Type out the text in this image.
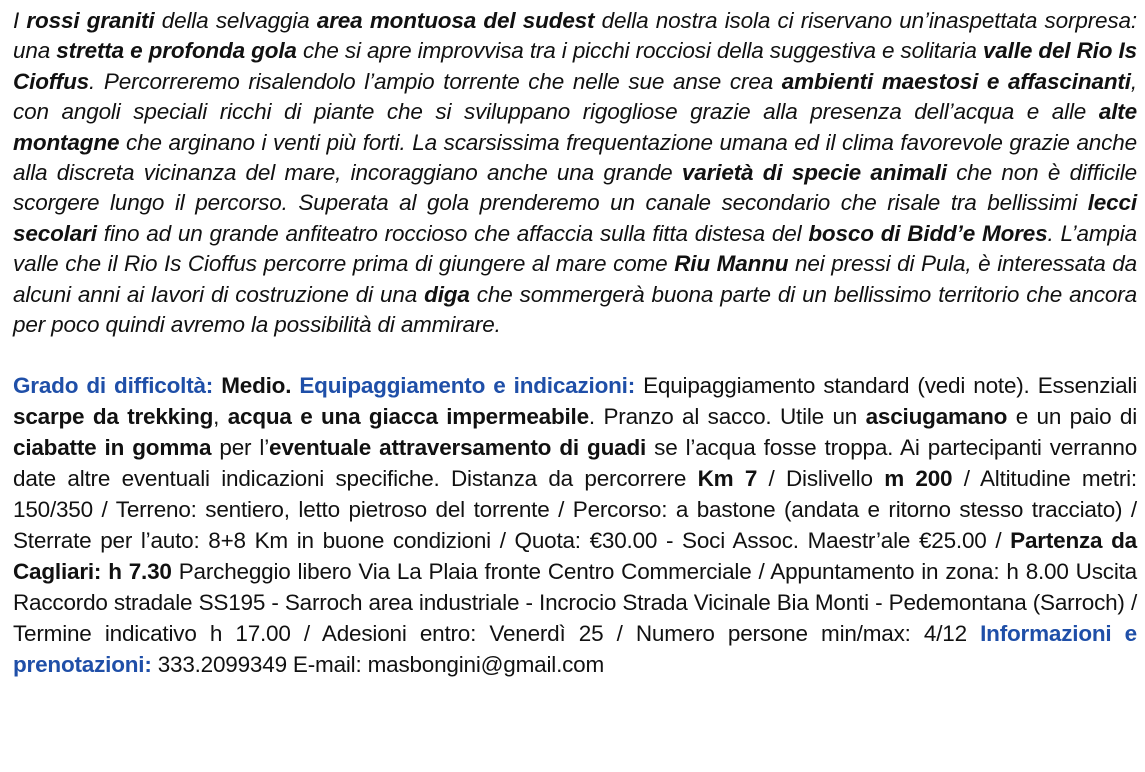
I rossi graniti della selvaggia area montuosa del sudest della nostra isola ci riservano un’inaspettata sorpresa: una stretta e profonda gola che si apre improvvisa tra i picchi rocciosi della suggestiva e solitaria valle del Rio Is Cioffus. Percorreremo risalendolo l’ampio torrente che nelle sue anse crea ambienti maestosi e affascinanti, con angoli speciali ricchi di piante che si sviluppano rigogliose grazie alla presenza dell’acqua e alle alte montagne che arginano i venti più forti. La scarsissima frequentazione umana ed il clima favorevole grazie anche alla discreta vicinanza del mare, incoraggiano anche una grande varietà di specie animali che non è difficile scorgere lungo il percorso. Superata al gola prenderemo un canale secondario che risale tra bellissimi lecci secolari fino ad un grande anfiteatro roccioso che affaccia sulla fitta distesa del bosco di Bidd’e Mores. L’ampia valle che il Rio Is Cioffus percorre prima di giungere al mare come Riu Mannu nei pressi di Pula, è interessata da alcuni anni ai lavori di costruzione di una diga che sommergerà buona parte di un bellissimo territorio che ancora per poco quindi avremo la possibilità di ammirare.

Grado di difficoltà: Medio. Equipaggiamento e indicazioni: Equipaggiamento standard (vedi note). Essenziali scarpe da trekking, acqua e una giacca impermeabile. Pranzo al sacco. Utile un asciugamano e un paio di ciabatte in gomma per l’eventuale attraversamento di guadi se l’acqua fosse troppa. Ai partecipanti verranno date altre eventuali indicazioni specifiche. Distanza da percorrere Km 7 / Dislivello m 200 / Altitudine metri: 150/350 / Terreno: sentiero, letto pietroso del torrente / Percorso: a bastone (andata e ritorno stesso tracciato) / Sterrate per l’auto: 8+8 Km in buone condizioni / Quota: €30.00 - Soci Assoc. Maestr’ale €25.00 / Partenza da Cagliari: h 7.30 Parcheggio libero Via La Plaia fronte Centro Commerciale / Appuntamento in zona: h 8.00 Uscita Raccordo stradale SS195 - Sarroch area industriale - Incrocio Strada Vicinale Bia Monti - Pedemontana (Sarroch) / Termine indicativo h 17.00 / Adesioni entro: Venerdì 25 / Numero persone min/max: 4/12 Informazioni e prenotazioni: 333.2099349 E-mail: masbongini@gmail.com
